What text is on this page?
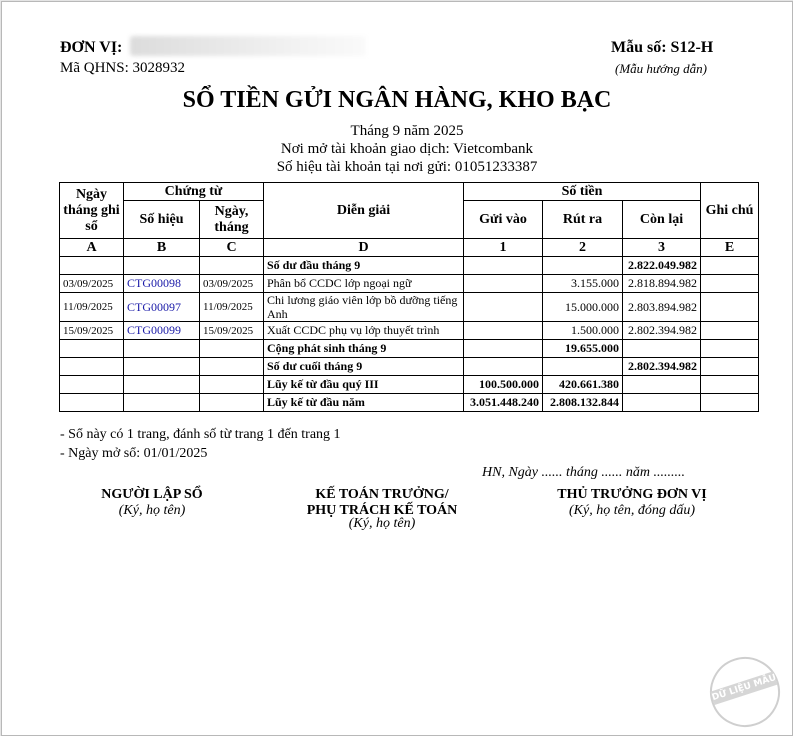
ĐƠN VỊ:
Mã QHNS: 3028932
Mẫu số: S12-H
(Mẫu hướng dẫn)
SỔ TIỀN GỬI NGÂN HÀNG, KHO BẠC
Tháng 9 năm 2025
Nơi mở tài khoản giao dịch: Vietcombank
Số hiệu tài khoản tại nơi gửi: 01051233387
Ngày tháng ghi sổ	Chứng từ		Diễn giải	Số tiền			Ghi chú
	Số hiệu	Ngày, tháng		Gửi vào	Rút ra	Còn lại	
A	B	C	D	1	2	3	E
			Số dư đầu tháng 9			2.822.049.982	
03/09/2025	CTG00098	03/09/2025	Phân bổ CCDC lớp ngoại ngữ		3.155.000	2.818.894.982	
11/09/2025	CTG00097	11/09/2025	Chi lương giáo viên lớp bồ dưỡng tiếng Anh		15.000.000	2.803.894.982	
15/09/2025	CTG00099	15/09/2025	Xuất CCDC phụ vụ lớp thuyết trình		1.500.000	2.802.394.982	
			Cộng phát sinh tháng 9		19.655.000		
			Số dư cuối tháng 9			2.802.394.982	
			Lũy kế từ đầu quý III	100.500.000	420.661.380		
			Lũy kế từ đầu năm	3.051.448.240	2.808.132.844		
- Sổ này có 1 trang, đánh số từ trang 1 đến trang 1
- Ngày mở sổ: 01/01/2025
HN, Ngày ...... tháng ...... năm .........
NGƯỜI LẬP SỔ
(Ký, họ tên)
KẾ TOÁN TRƯỞNG/
PHỤ TRÁCH KẾ TOÁN
(Ký, họ tên)
THỦ TRƯỞNG ĐƠN VỊ
(Ký, họ tên, đóng dấu)
DỮ LIỆU MẪU
